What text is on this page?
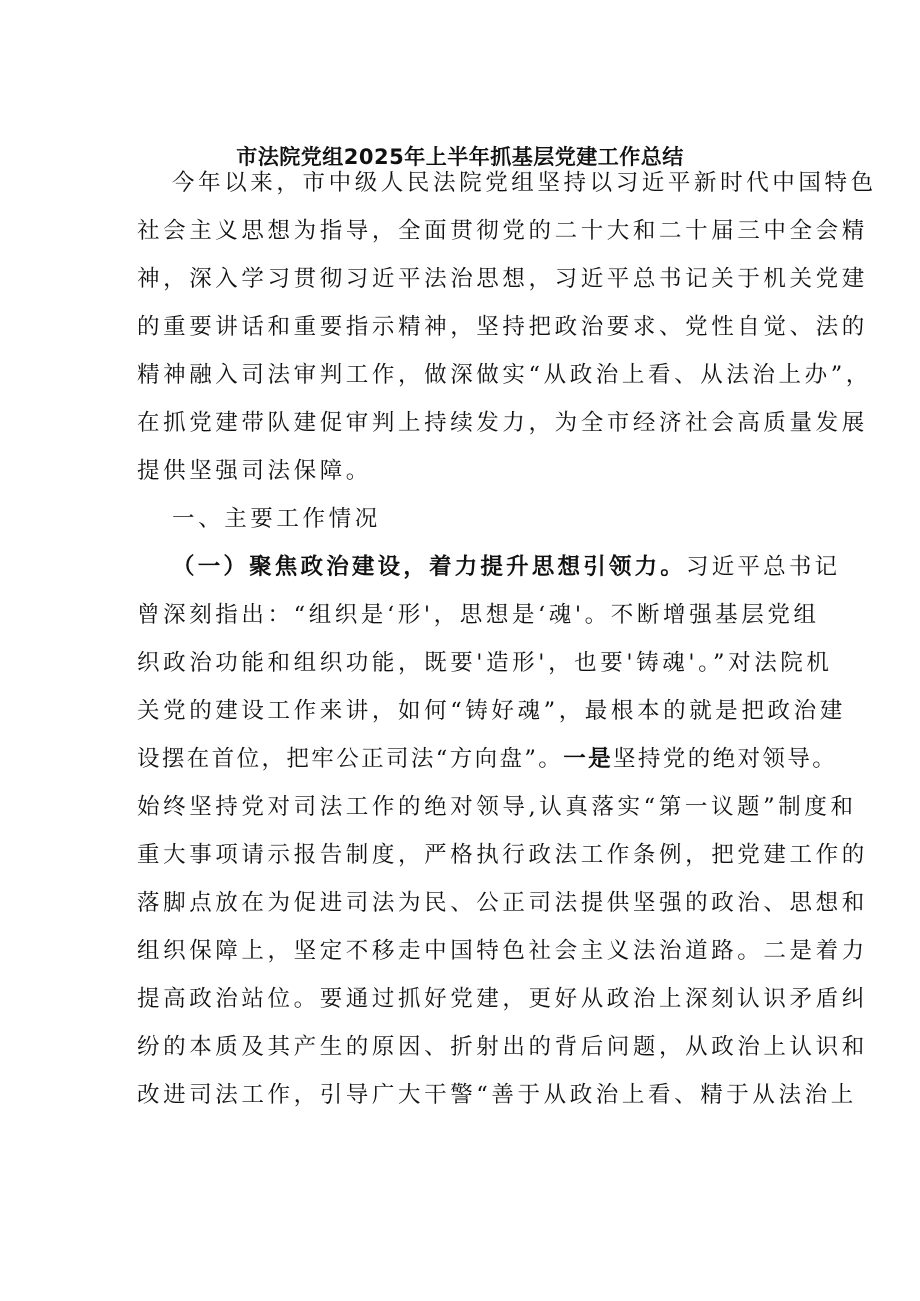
市法院党组2025年上半年抓基层党建工作总结
今年以来，市中级人民法院党组坚持以习近平新时代中国特色
社会主义思想为指导，全面贯彻党的二十大和二十届三中全会精
神，深入学习贯彻习近平法治思想，习近平总书记关于机关党建
的重要讲话和重要指示精神，坚持把政治要求、党性自觉、法的
精神融入司法审判工作，做深做实“从政治上看、从法治上办”，
在抓党建带队建促审判上持续发力，为全市经济社会高质量发展
提供坚强司法保障。
一、主要工作情况
（一）聚焦政治建设，着力提升思想引领力。习近平总书记
曾深刻指出：“组织是‘形'，思想是‘魂'。不断增强基层党组
织政治功能和组织功能，既要'造形'，也要'铸魂'。”对法院机
关党的建设工作来讲，如何“铸好魂”，最根本的就是把政治建
设摆在首位，把牢公正司法“方向盘”。一是坚持党的绝对领导。
始终坚持党对司法工作的绝对领导,认真落实“第一议题”制度和
重大事项请示报告制度，严格执行政法工作条例，把党建工作的
落脚点放在为促进司法为民、公正司法提供坚强的政治、思想和
组织保障上，坚定不移走中国特色社会主义法治道路。二是着力
提高政治站位。要通过抓好党建，更好从政治上深刻认识矛盾纠
纷的本质及其产生的原因、折射出的背后问题，从政治上认识和
改进司法工作，引导广大干警“善于从政治上看、精于从法治上
